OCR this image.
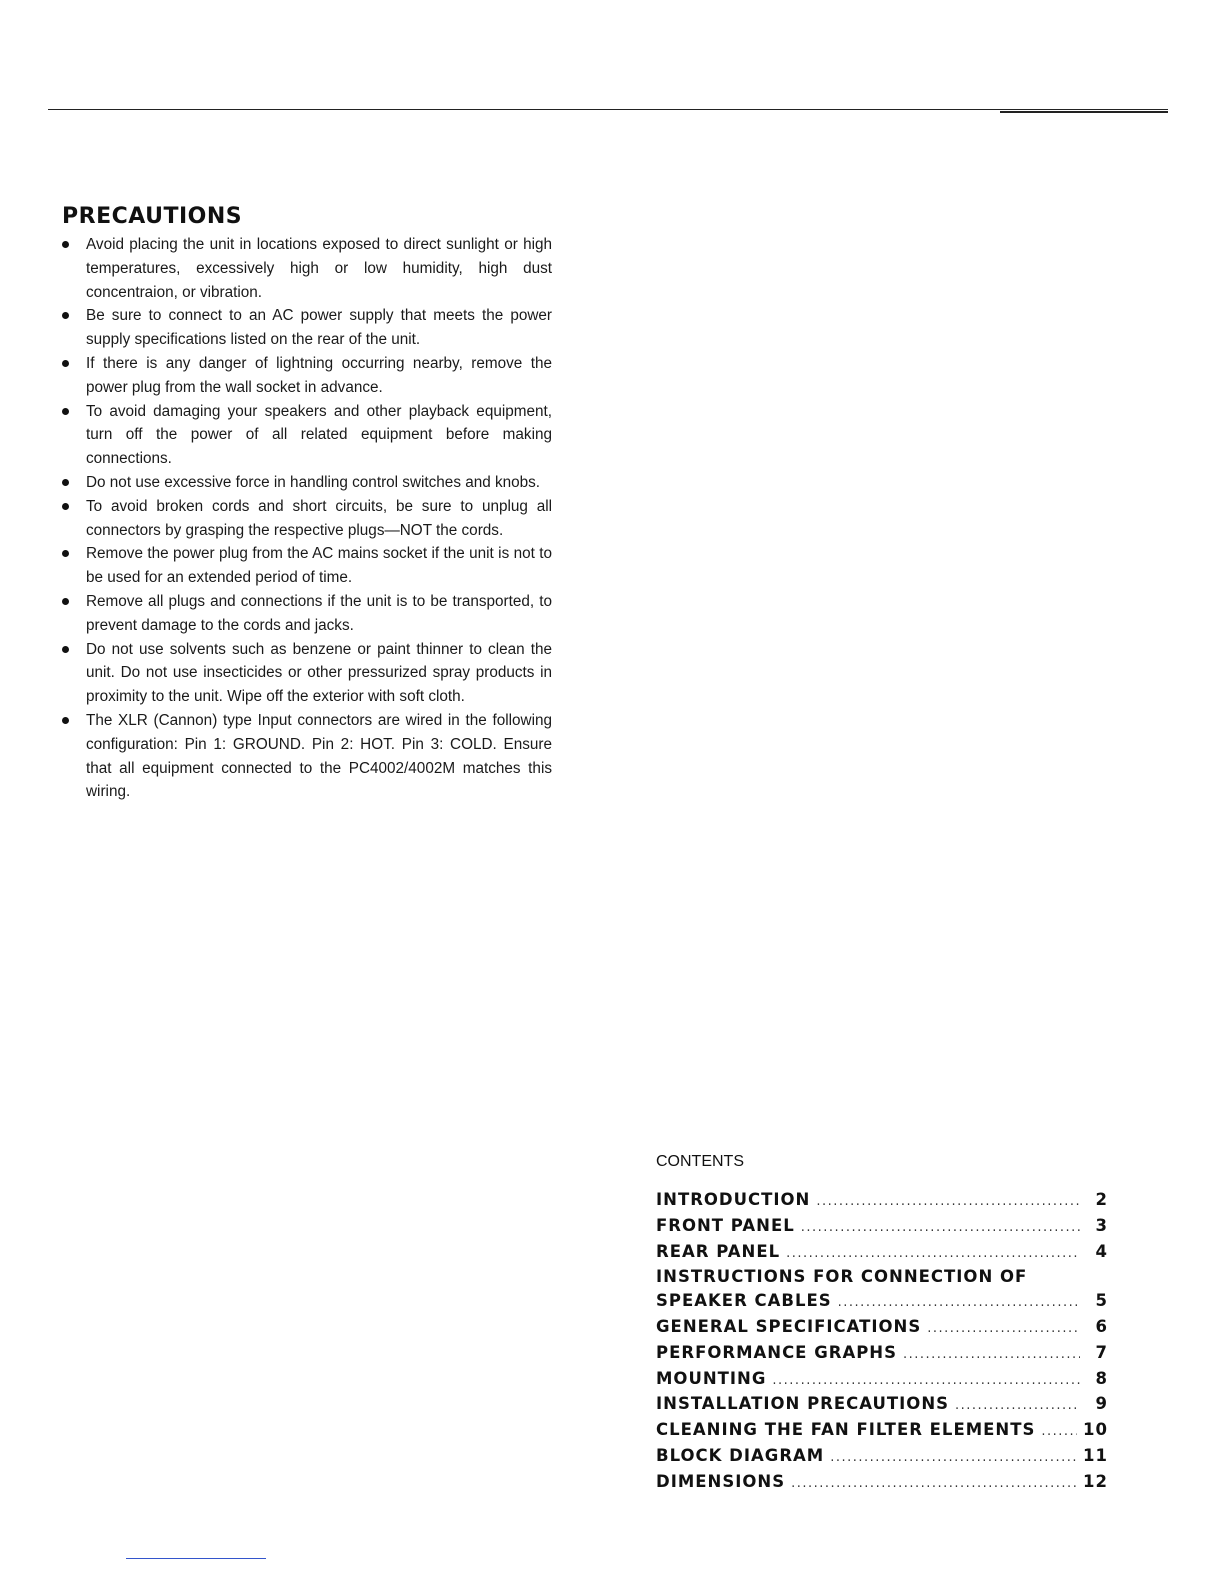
PRECAUTIONS
Avoid placing the unit in locations exposed to direct sunlight or high temperatures, excessively high or low humidity, high dust concentraion, or vibration.
Be sure to connect to an AC power supply that meets the power supply specifications listed on the rear of the unit.
If there is any danger of lightning occurring nearby, remove the power plug from the wall socket in advance.
To avoid damaging your speakers and other playback equipment, turn off the power of all related equipment before making connections.
Do not use excessive force in handling control switches and knobs.
To avoid broken cords and short circuits, be sure to unplug all connectors by grasping the respective plugs—NOT the cords.
Remove the power plug from the AC mains socket if the unit is not to be used for an extended period of time.
Remove all plugs and connections if the unit is to be transported, to prevent damage to the cords and jacks.
Do not use solvents such as benzene or paint thinner to clean the unit. Do not use insecticides or other pressurized spray products in proximity to the unit. Wipe off the exterior with soft cloth.
The XLR (Cannon) type Input connectors are wired in the following configuration: Pin 1: GROUND. Pin 2: HOT. Pin 3: COLD. Ensure that all equipment connected to the PC4002/4002M matches this wiring.
CONTENTS
INTRODUCTION .....	2
FRONT PANEL .....	3
REAR PANEL .....	4
INSTRUCTIONS FOR CONNECTION OF
SPEAKER CABLES .....	5
GENERAL SPECIFICATIONS .....	6
PERFORMANCE GRAPHS .....	7
MOUNTING .....	8
INSTALLATION PRECAUTIONS .....	9
CLEANING THE FAN FILTER ELEMENTS .....	10
BLOCK DIAGRAM .....	11
DIMENSIONS .....	12
